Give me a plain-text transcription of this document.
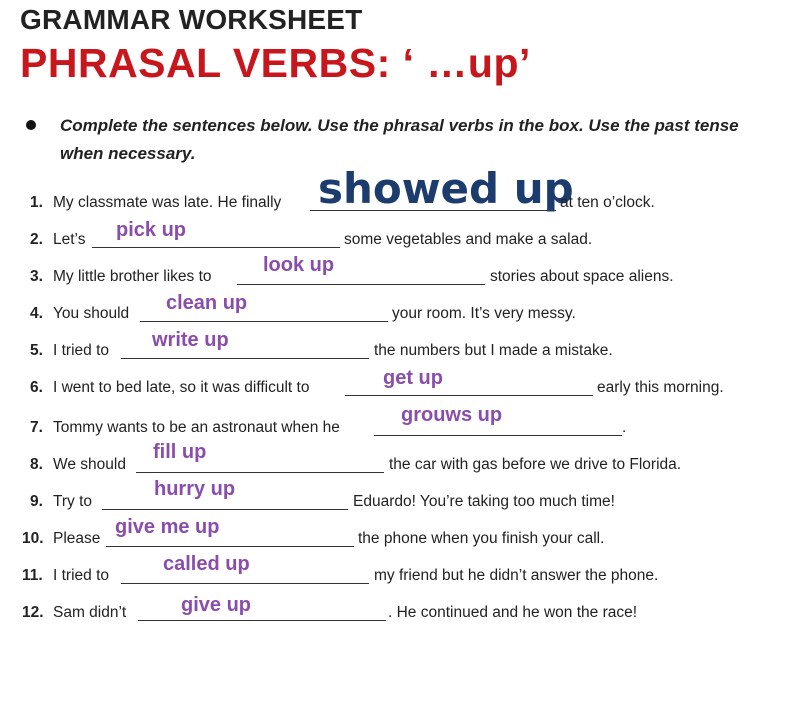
GRAMMAR WORKSHEET
PHRASAL VERBS: ‘ …up’
Complete the sentences below. Use the phrasal verbs in the box. Use the past tense when necessary.
1. My classmate was late. He finally showed up
at ten o’clock.
2. Let’s pick up	some vegetables and make a salad.
3. My little brother likes to
look up
stories about space aliens.
4. You should clean up	your room. It’s very messy.
5. I tried to write up	the numbers but I made a mistake.
6. I went to bed late, so it was difficult to	get up	early this morning.
7. Tommy wants to be an astronaut when he
grouws up
.
8. We should
fill up
the car with gas before we drive to Florida.
9. Try to
hurry up
Eduardo! You’re taking too much time!
10. Please
give me up
the phone when you finish your call.
11. I tried to
called up
my friend but he didn’t answer the phone.
12. Sam didn’t	give up	. He continued and he won the race!
